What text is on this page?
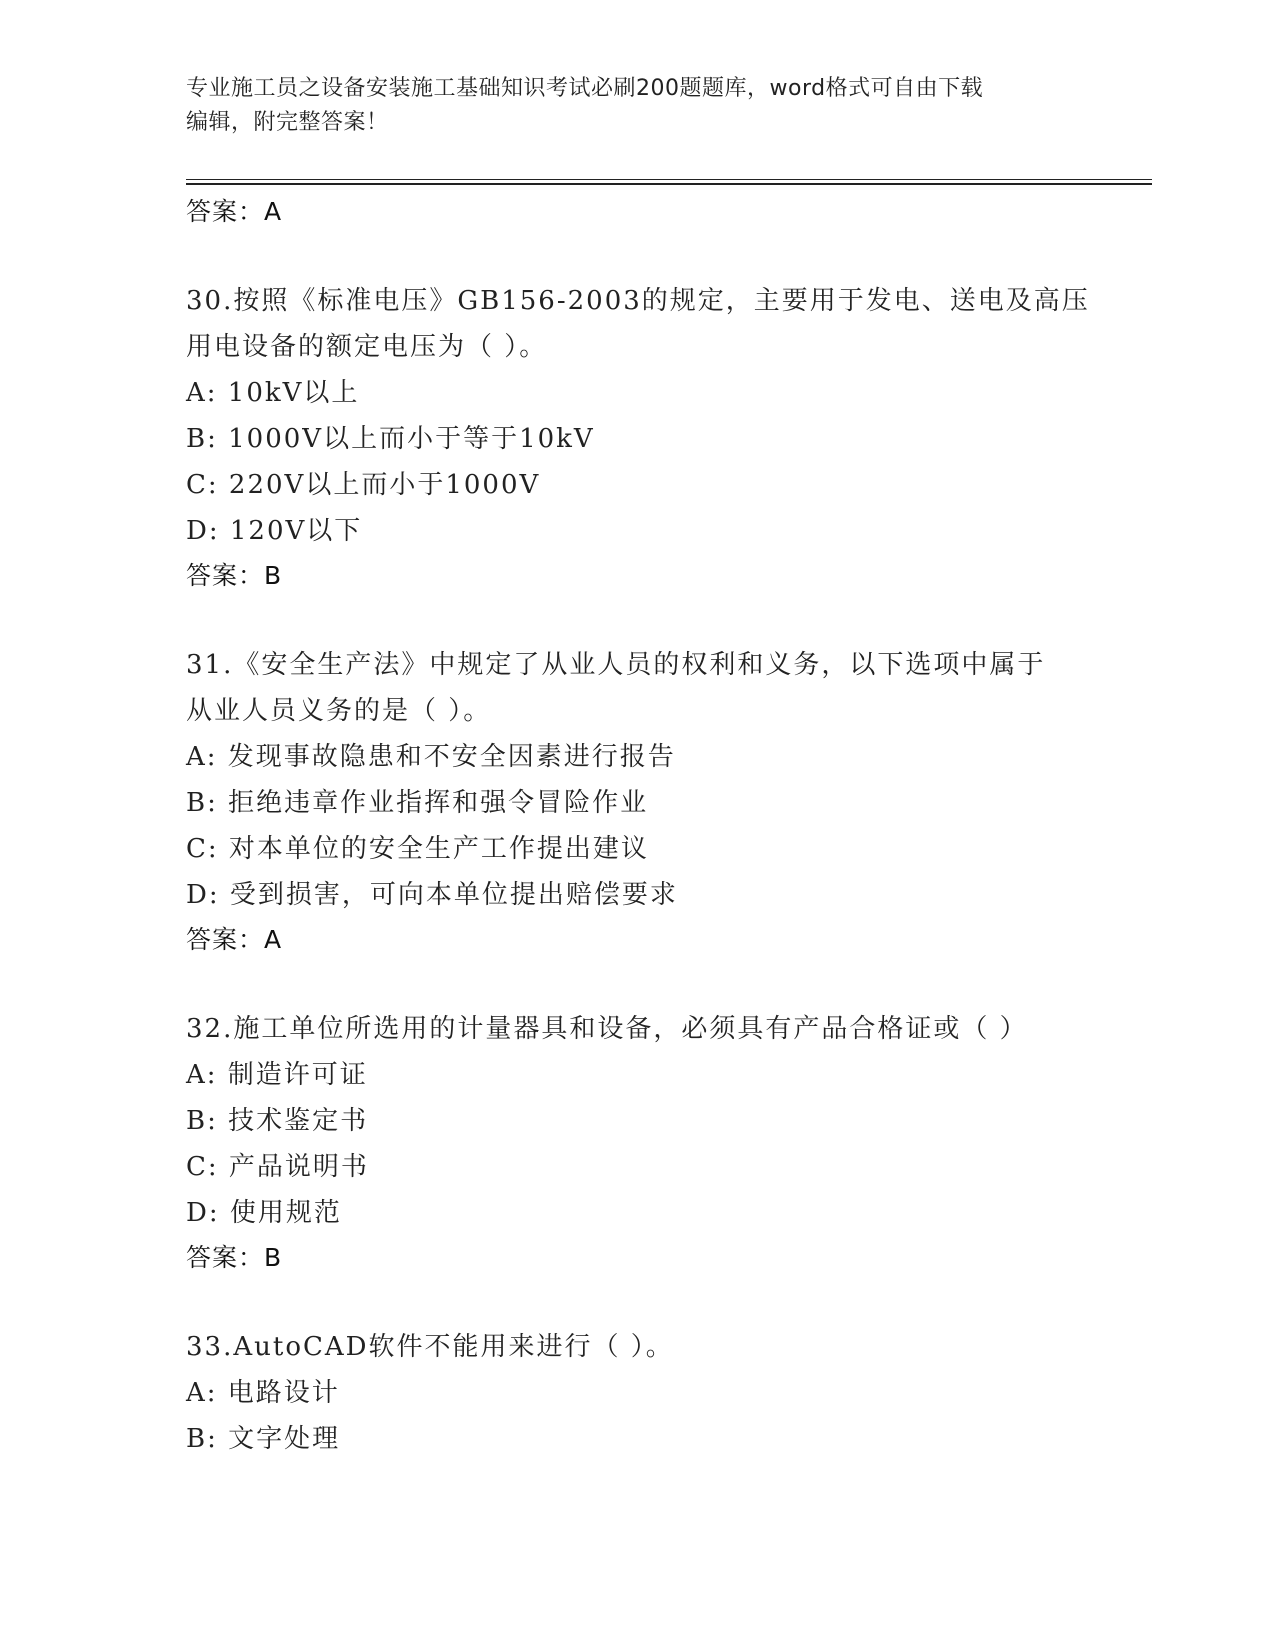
专业施工员之设备安装施工基础知识考试必刷200题题库，word格式可自由下载
编辑，附完整答案！
答案：A
30.按照《标准电压》GB156-2003的规定，主要用于发电、送电及高压
用电设备的额定电压为（ ）。
A: 10kV以上
B: 1000V以上而小于等于10kV
C: 220V以上而小于1000V
D: 120V以下
答案：B
31.《安全生产法》中规定了从业人员的权利和义务，以下选项中属于
从业人员义务的是（ ）。
A: 发现事故隐患和不安全因素进行报告
B: 拒绝违章作业指挥和强令冒险作业
C: 对本单位的安全生产工作提出建议
D: 受到损害，可向本单位提出赔偿要求
答案：A
32.施工单位所选用的计量器具和设备，必须具有产品合格证或（ ）
A: 制造许可证
B: 技术鉴定书
C: 产品说明书
D: 使用规范
答案：B
33.AutoCAD软件不能用来进行（ ）。
A: 电路设计
B: 文字处理
